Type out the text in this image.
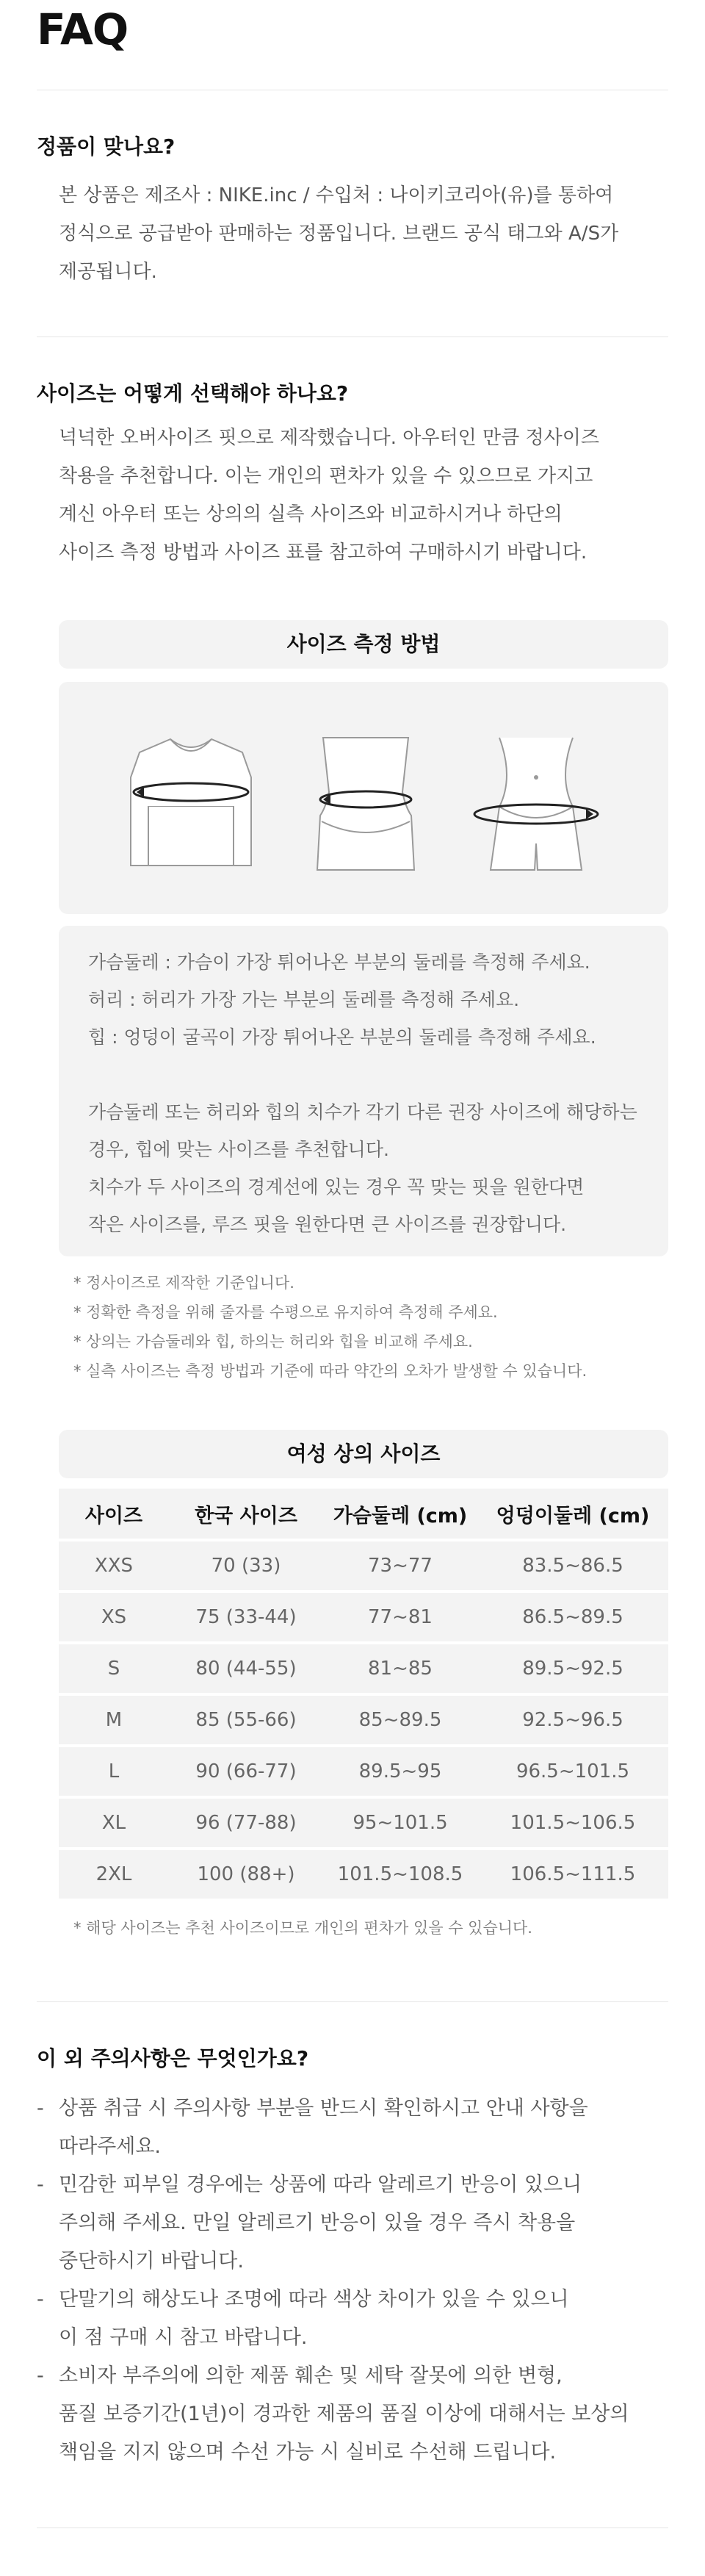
FAQ
정품이 맞나요?

본 상품은 제조사 : NIKE.inc / 수입처 : 나이키코리아(유)를 통하여

정식으로 공급받아 판매하는 정품입니다. 브랜드 공식 태그와 A/S가

제공됩니다.

사이즈는 어떻게 선택해야 하나요?

넉넉한 오버사이즈 핏으로 제작했습니다. 아우터인 만큼 정사이즈

착용을 추천합니다. 이는 개인의 편차가 있을 수 있으므로 가지고

계신 아우터 또는 상의의 실측 사이즈와 비교하시거나 하단의

사이즈 측정 방법과 사이즈 표를 참고하여 구매하시기 바랍니다.

사이즈 측정 방법

가슴둘레 : 가슴이 가장 튀어나온 부분의 둘레를 측정해 주세요.

허리 : 허리가 가장 가는 부분의 둘레를 측정해 주세요.

힙 : 엉덩이 굴곡이 가장 튀어나온 부분의 둘레를 측정해 주세요.

가슴둘레 또는 허리와 힙의 치수가 각기 다른 권장 사이즈에 해당하는

경우, 힙에 맞는 사이즈를 추천합니다.

치수가 두 사이즈의 경계선에 있는 경우 꼭 맞는 핏을 원한다면

작은 사이즈를, 루즈 핏을 원한다면 큰 사이즈를 권장합니다.

* 정사이즈로 제작한 기준입니다.

* 정확한 측정을 위해 줄자를 수평으로 유지하여 측정해 주세요.

* 상의는 가슴둘레와 힙, 하의는 허리와 힙을 비교해 주세요.

* 실측 사이즈는 측정 방법과 기준에 따라 약간의 오차가 발생할 수 있습니다.

여성 상의 사이즈
사이즈	한국 사이즈	가슴둘레 (cm)	엉덩이둘레 (cm)
XXS	70 (33)	73~77	83.5~86.5
XS	75 (33-44)	77~81	86.5~89.5
S	80 (44-55)	81~85	89.5~92.5
M	85 (55-66)	85~89.5	92.5~96.5
L	90 (66-77)	89.5~95	96.5~101.5
XL	96 (77-88)	95~101.5	101.5~106.5
2XL	100 (88+)	101.5~108.5	106.5~111.5

* 해당 사이즈는 추천 사이즈이므로 개인의 편차가 있을 수 있습니다.

이 외 주의사항은 무엇인가요?

- 상품 취급 시 주의사항 부분을 반드시 확인하시고 안내 사항을

따라주세요.

- 민감한 피부일 경우에는 상품에 따라 알레르기 반응이 있으니

주의해 주세요. 만일 알레르기 반응이 있을 경우 즉시 착용을

중단하시기 바랍니다.

- 단말기의 해상도나 조명에 따라 색상 차이가 있을 수 있으니

이 점 구매 시 참고 바랍니다.

- 소비자 부주의에 의한 제품 훼손 및 세탁 잘못에 의한 변형,

품질 보증기간(1년)이 경과한 제품의 품질 이상에 대해서는 보상의

책임을 지지 않으며 수선 가능 시 실비로 수선해 드립니다.
